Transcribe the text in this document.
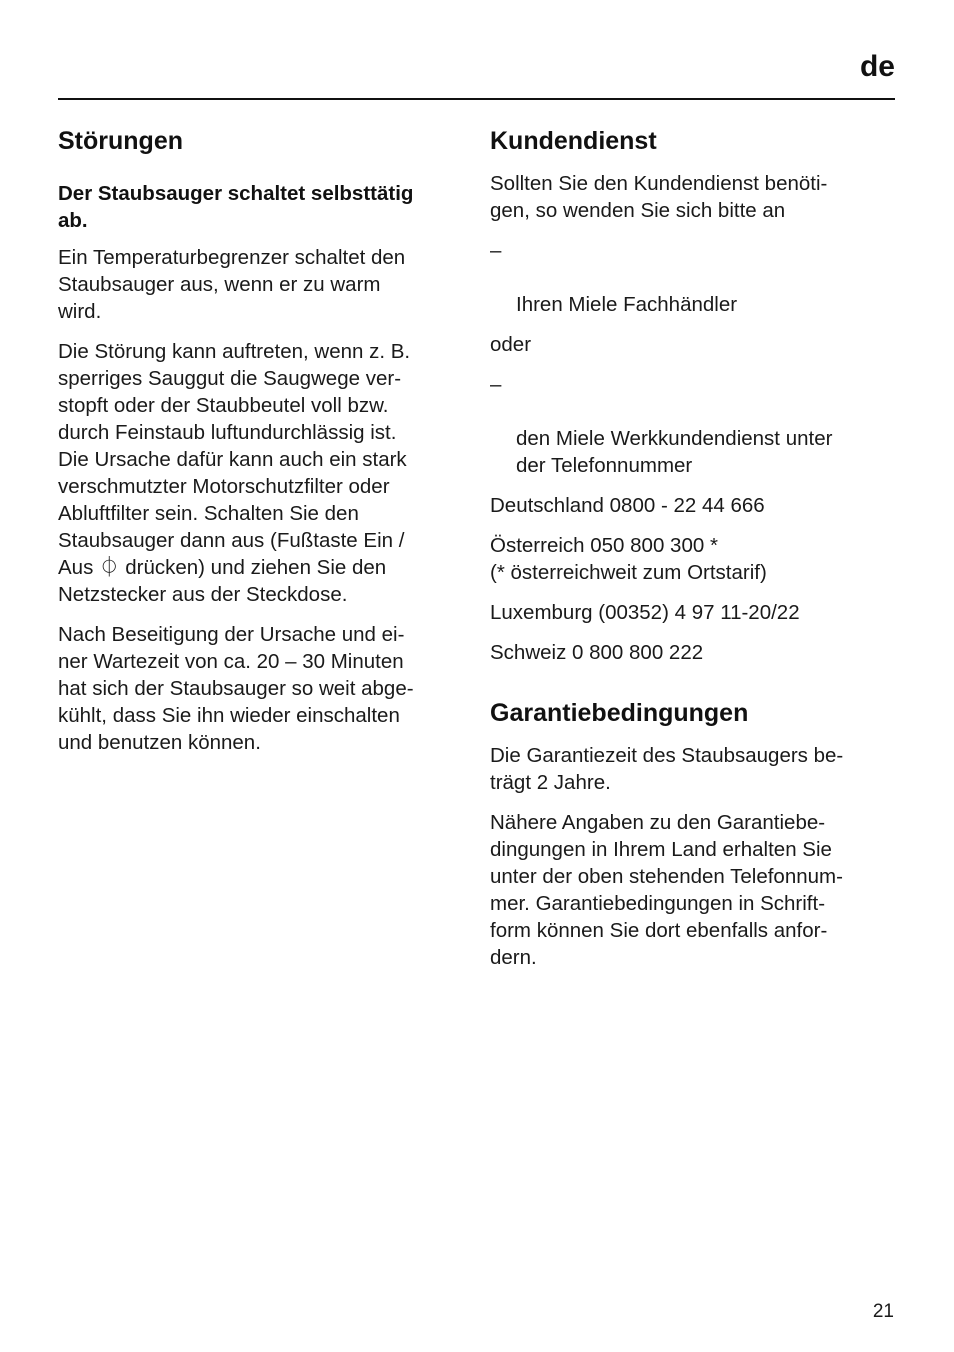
de
Störungen
Der Staubsauger schaltet selbsttätig
ab.

Ein Temperaturbegrenzer schaltet den
Staubsauger aus, wenn er zu warm
wird.

Die Störung kann auftreten, wenn z. B.
sperriges Sauggut die Saugwege ver-
stopft oder der Staubbeutel voll bzw.
durch Feinstaub luftundurchlässig ist.
Die Ursache dafür kann auch ein stark
verschmutzter Motorschutzfilter oder
Abluftfilter sein. Schalten Sie den
Staubsauger dann aus (Fußtaste Ein /
Aus ⏀ drücken) und ziehen Sie den
Netzstecker aus der Steckdose.

Nach Beseitigung der Ursache und ei-
ner Wartezeit von ca. 20 – 30 Minuten
hat sich der Staubsauger so weit abge-
kühlt, dass Sie ihn wieder einschalten
und benutzen können.

Kundendienst

Sollten Sie den Kundendienst benöti-
gen, so wenden Sie sich bitte an

–

Ihren Miele Fachhändler

oder

–

den Miele Werkkundendienst unter
der Telefonnummer

Deutschland 0800 - 22 44 666

Österreich 050 800 300 *
(* österreichweit zum Ortstarif)

Luxemburg (00352) 4 97 11-20/22

Schweiz 0 800 800 222

Garantiebedingungen

Die Garantiezeit des Staubsaugers be-
trägt 2 Jahre.

Nähere Angaben zu den Garantiebe-
dingungen in Ihrem Land erhalten Sie
unter der oben stehenden Telefonnum-
mer. Garantiebedingungen in Schrift-
form können Sie dort ebenfalls anfor-
dern.

21
